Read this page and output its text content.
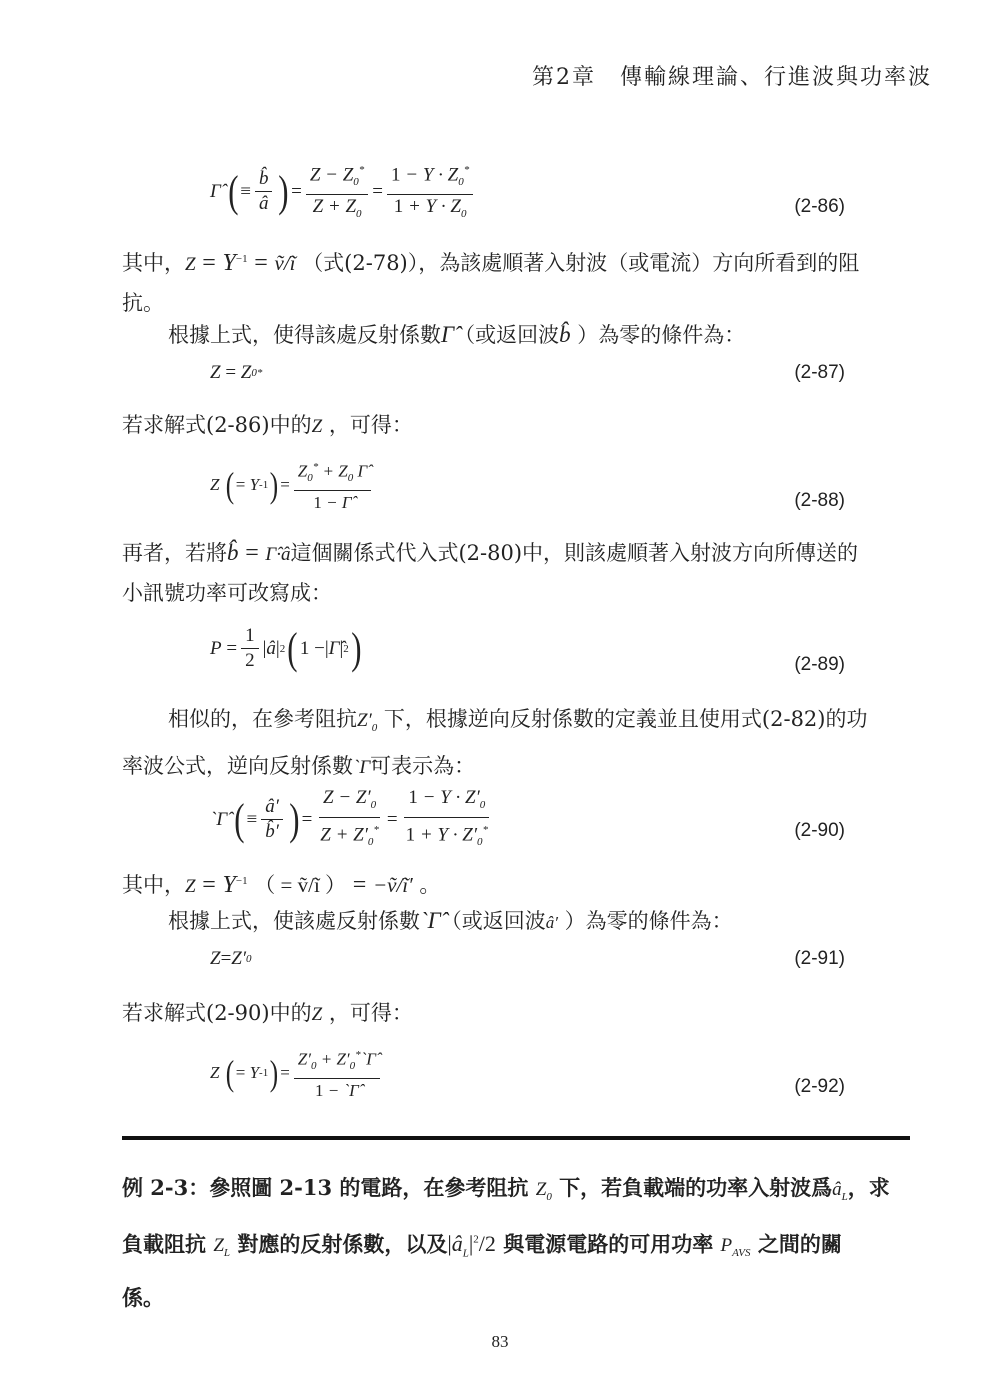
第2章　傳輸線理論、行進波與功率波
Γ̂
( ≡ $\frac{b̂}{â}$ ) = $\frac{Z - Z_0^*}{Z + Z_0} = \frac{1 - Y \cdot Z_0^*}{1 + Y \cdot Z_0}$	(2-86)
其中，$Z = Y^{-1}$ = ṽ/ĩ （式(2-78)），為該處順著入射波（或電流）方向所看到的阻
抗。
根據上式，使得該處反射係數Γ̂（或返回波b̂ ）為零的條件為：
Z = Z 0 *	(2-87)
若求解式(2-86)中的Z ，可得：
Z ( = Y -1 ) = $\frac{Z_0^* + Z_0 \Gammâ}{1 - \Gammâ}$	(2-88)
再者，若將b̂ = Γ̂·â這個關係式代入式(2-80)中，則該處順著入射波方向所傳送的
小訊號功率可改寫成：
$P = \frac{1}{2}$ | â | 2 ( 1 − | Γ̂ | 2 )	(2-89)
相似的，在參考阻抗$Z'_0$ 下，根據逆向反射係數的定義並且使用式(2-82)的功
率波公式，逆向反射係數`Γ̂可表示為：
`Γ̂
( ≡ $\frac{â'}{b̂'}$ ) = $\frac{Z - Z'_0}{Z + Z'_0^*} = \frac{1 - Y \cdot Z'_0}{1 + Y \cdot Z'_0^*}$	(2-90)
其中，$Z = Y^{-1}$ （ = ṽ/ĩ ） = −ṽ/ĩ′ 。
根據上式，使該處反射係數`Γ̂（或返回波â′ ）為零的條件為：
Z = Z′ 0	(2-91)
若求解式(2-90)中的Z ，可得：
Z ( = Y -1 ) = $\frac{Z'_0 + Z'_0^*`\Gammâ}{1 - `\Gammâ}$	(2-92)
例 2-3：參照圖 2-13 的電路，在參考阻抗 $Z_0$ 下，若負載端的功率入射波爲$â_L$，求
負載阻抗 $Z_L$ 對應的反射係數，以及$|â_L|^2/2$ 與電源電路的可用功率 $P_{AVS}$ 之間的關
係。
83
